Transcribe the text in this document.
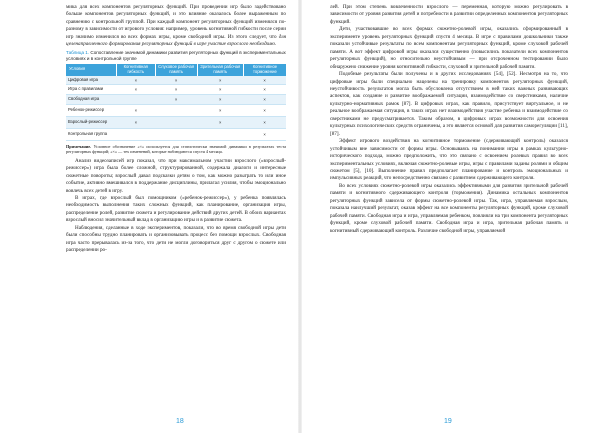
мика для всех компонентов регуляторных функций. При проведении игр было задействовано больше компонентов регуляторных функций, и это влияние оказалось более выраженным по сравнению с контрольной группой. При каждый компонент регуляторных функций изменялся по-разному в зависимости от игрового условия: например, уровень когнитивной гибкости после серии игр значимо изменился во всех формах игры, кроме свободной игры. Из этого следует, что для целенаправленного формирования регуляторных функций в игре участие взрослого необходимо.

Таблица 1. Сопоставление значимой динамики развития регуляторных функций в экспериментальных условиях и в контрольной группе
Условия	Когнитивная гибкость	Слуховое рабочая память	Зрительная рабочая память	Когнитивное торможение
Цифровая игра	×	×	×	×
Игра с правилами	×	×	×	×
Свободная игра		×	×	×
Ребенок-режиссер	×		×	×
Взрослый-режиссер	×		×	×
Контрольная группа				×

Примечание. Условное обозначение «×» используется для статистически значимой динамики в результатах теста регуляторных функций; «×» — тех изменений, которые наблюдаются спустя 4 месяца.

Анализ видеозаписей игр показал, что при максимальном участии взрослого («взрослый-режиссер») игра была более сложной, структурированной, содержала диалоги и интересные сюжетные повороты; взрослый давал подсказки детям о том, как можно разыграть то или иное событие, активно вмешивался в поддержание дисциплины, прилагал усилия, чтобы эмоционально вовлечь всех детей в игру.

В играх, где взрослый был помощником («ребенок-режиссер»), у ребенка появлялась необходимость выполнения таких сложных функций, как планирование, организация игры, распределение ролей, развитие сюжета и регулирование действий других детей. В обоих вариантах взрослый вносил значительный вклад в организацию игры и в развитие сюжета.

Наблюдения, сделанные в ходе экспериментов, показали, что во время свободной игры дети были способны трудно планировать и организовывать процесс без помощи взрослых. Свободная игра часто прерывалась из-за того, что дети не могли договориться друг с другом о сюжете или распределении ро-

лей. При этом степень вовлеченности взрослого — переменная, которую можно регулировать в зависимости от уровня развития детей и потребности в развитии определенных компонентов регуляторных функций.

Дети, участвовавшие во всех формах сюжетно-ролевой игры, оказались сформированный в эксперименте уровень регуляторных функций спустя 4 месяца. В игре с правилами дошкольники также показали устойчивые результаты по всем компонентам регуляторных функций, кроме слуховой рабочей памяти. А вот эффект цифровой игры оказался существенно (повысились показатели всех компонентов регуляторных функций), но относительно неустойчивым — при отсроченном тестировании было обнаружено снижение уровня когнитивной гибкости, слуховой и зрительной рабочей памяти.

Подобные результаты были получены и в других исследованиях [54], [52]. Несмотря на то, что цифровые игры были специально нацелены на тренировку компонентов регуляторных функций, неустойчивость результатов могла быть обусловлена отсутствием в ней таких важных развивающих аспектов, как создание и развитие воображаемой ситуации, взаимодействие со сверстниками, наличие культурно-нормативных рамок [87]. В цифровых играх, как правило, присутствует виртуальное, и не реальное воображаемая ситуация, в таких играх нет взаимодействия участие ребенка и взаимодействие со сверстниками не предусматривается. Таким образом, в цифровых играх возможности для освоения культурных психологических средств ограничены, а это является основой для развития саморегуляции [11], [87].

Эффект игрового воздействия на когнитивное торможение (сдерживающий контроль) оказался устойчивым вне зависимости от формы игры. Основываясь на понимании игры в рамках культурно-исторического подхода, можно предположить, что это связано с освоением ролевых правил во всех экспериментальных условиях, включая сюжетно-ролевые игры, игры с правилами заданы ролями и общим сюжетом [5], [10]. Выполнение правил предполагает планирование и контроль эмоциональных и импульсивных реакций, что непосредственно связано с развитием сдерживающего контроля.

Во всех условиях сюжетно-ролевой игры оказались эффективными для развития зрительной рабочей памяти и когнитивного сдерживающего контроля (торможения). Динамика остальных компонентов регуляторных функций зависела от формы сюжетно-ролевой игры. Так, игра, управляемая взрослым, показала наилучший результат, оказав эффект на все компоненты регуляторных функций, кроме слуховой рабочей памяти. Свободная игра и игра, управляемая ребенком, повлияли на три компонента регуляторных функций, кроме слуховой рабочей памяти. Свободная игра и игра, зрительная рабочая память и когнитивный сдерживающий контроль. Различие свободной игры, управляемой

18	19
